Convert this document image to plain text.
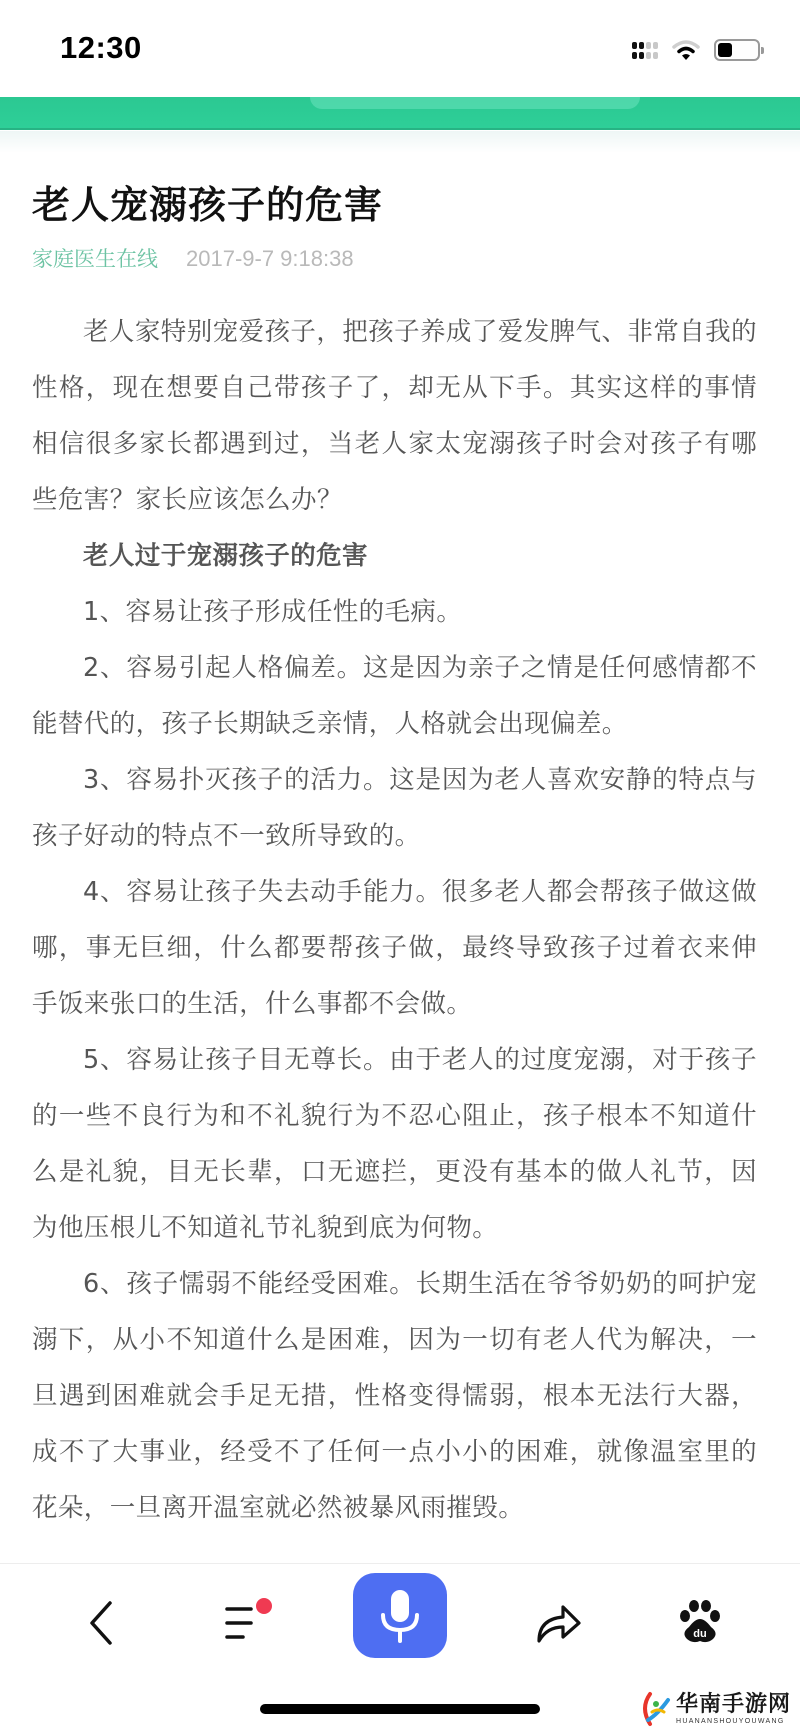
12:30
老人宠溺孩子的危害
家庭医生在线 2017-9-7 9:18:38

老人家特别宠爱孩子，把孩子养成了爱发脾气、非常自我的性格，现在想要自己带孩子了，却无从下手。其实这样的事情相信很多家长都遇到过，当老人家太宠溺孩子时会对孩子有哪些危害？家长应该怎么办？

老人过于宠溺孩子的危害

1、容易让孩子形成任性的毛病。

2、容易引起人格偏差。这是因为亲子之情是任何感情都不能替代的，孩子长期缺乏亲情，人格就会出现偏差。

3、容易扑灭孩子的活力。这是因为老人喜欢安静的特点与孩子好动的特点不一致所导致的。

4、容易让孩子失去动手能力。很多老人都会帮孩子做这做哪，事无巨细，什么都要帮孩子做，最终导致孩子过着衣来伸手饭来张口的生活，什么事都不会做。

5、容易让孩子目无尊长。由于老人的过度宠溺，对于孩子的一些不良行为和不礼貌行为不忍心阻止，孩子根本不知道什么是礼貌，目无长辈，口无遮拦，更没有基本的做人礼节，因为他压根儿不知道礼节礼貌到底为何物。

6、孩子懦弱不能经受困难。长期生活在爷爷奶奶的呵护宠溺下，从小不知道什么是困难，因为一切有老人代为解决，一旦遇到困难就会手足无措，性格变得懦弱，根本无法行大器，成不了大事业，经受不了任何一点小小的困难，就像温室里的花朵，一旦离开温室就必然被暴风雨摧毁。

du
华南手游网
HUANANSHOUYOUWANG
